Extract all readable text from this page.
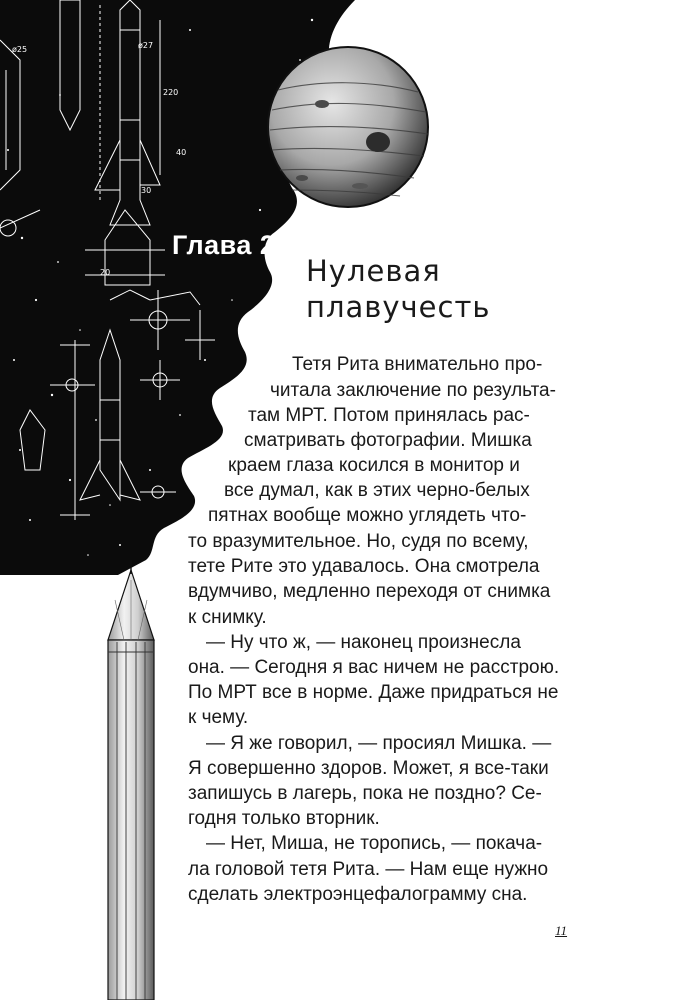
ø25	ø27
220
30
20
40
Глава 2
Нулевая
плавучесть
Тетя Рита внимательно про-
читала заключение по результа-
там МРТ. Потом принялась рас-
сматривать фотографии. Мишка
краем глаза косился в монитор и
все думал, как в этих черно-белых
пятнах вообще можно углядеть что-
то вразумительное. Но, судя по всему,
тете Рите это удавалось. Она смотрела
вдумчиво, медленно переходя от снимка
к снимку.
— Ну что ж, — наконец произнесла
она. — Сегодня я вас ничем не расстрою.
По МРТ все в норме. Даже придраться не
к чему.
— Я же говорил, — просиял Мишка. —
Я совершенно здоров. Может, я все-таки
запишусь в лагерь, пока не поздно? Се-
годня только вторник.
— Нет, Миша, не торопись, — покача-
ла головой тетя Рита. — Нам еще нужно
сделать электроэнцефалограмму сна.
11
